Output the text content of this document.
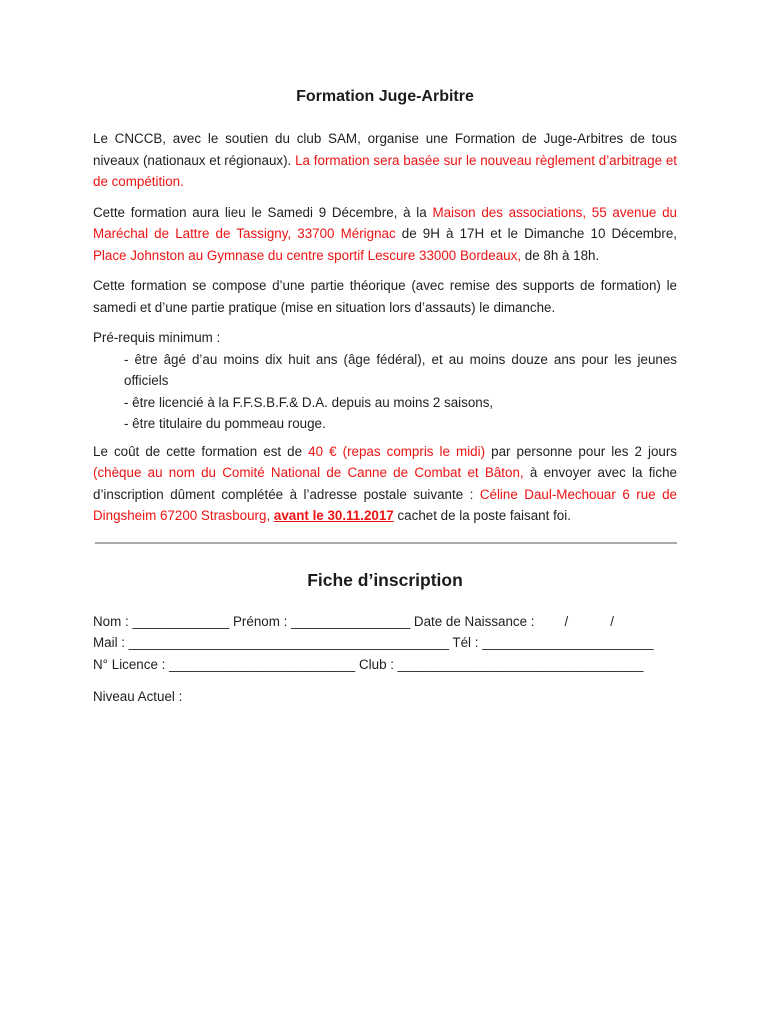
Formation Juge-Arbitre

Le CNCCB, avec le soutien du club SAM, organise une Formation de Juge-Arbitres de tous niveaux (nationaux et régionaux). La formation sera basée sur le nouveau règlement d’arbitrage et de compétition.

Cette formation aura lieu le Samedi 9 Décembre, à la Maison des associations, 55 avenue du Maréchal de Lattre de Tassigny, 33700 Mérignac de 9H à 17H et le Dimanche 10 Décembre, Place Johnston au Gymnase du centre sportif Lescure 33000 Bordeaux, de 8h à 18h.

Cette formation se compose d’une partie théorique (avec remise des supports de formation) le samedi et d’une partie pratique (mise en situation lors d’assauts) le dimanche.

Pré-requis minimum :
- être âgé d’au moins dix huit ans (âge fédéral), et au moins douze ans pour les jeunes officiels
- être licencié à la F.F.S.B.F.& D.A. depuis au moins 2 saisons,
- être titulaire du pommeau rouge.

Le coût de cette formation est de 40 € (repas compris le midi) par personne pour les 2 jours (chèque au nom du Comité National de Canne de Combat et Bâton, à envoyer avec la fiche d’inscription dûment complétée à l’adresse postale suivante : Céline Daul-Mechouar 6 rue de Dingsheim 67200 Strasbourg, avant le 30.11.2017 cachet de la poste faisant foi.

Fiche d’inscription
Nom : _____________ Prénom : ________________ Date de Naissance : /	/
Mail : ___________________________________________ Tél : _______________________
N° Licence : _________________________ Club : _________________________________
Niveau Actuel :
